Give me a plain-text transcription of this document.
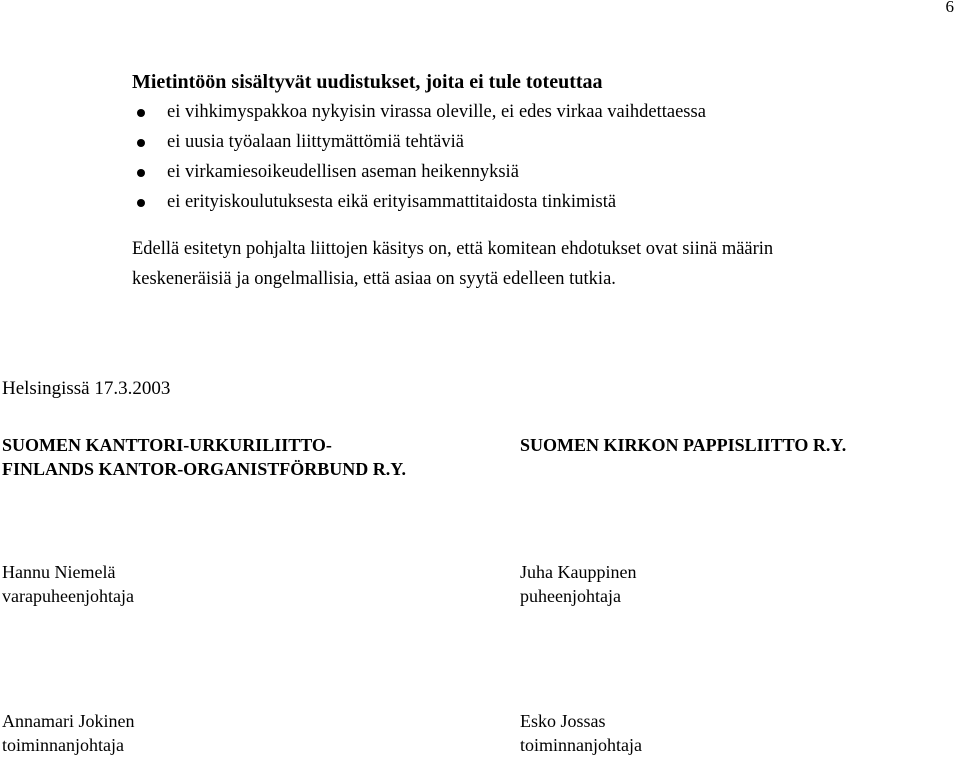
6

Mietintöön sisältyvät uudistukset, joita ei tule toteuttaa

ei vihkimyspakkoa nykyisin virassa oleville, ei edes virkaa vaihdettaessa
ei uusia työalaan liittymättömiä tehtäviä
ei virkamiesoikeudellisen aseman heikennyksiä
ei erityiskoulutuksesta eikä erityisammattitaidosta tinkimistä
Edellä esitetyn pohjalta liittojen käsitys on, että komitean ehdotukset ovat siinä määrin
keskeneräisiä ja ongelmallisia, että asiaa on syytä edelleen tutkia.
Helsingissä 17.3.2003
SUOMEN KANTTORI-URKURILIITTO-
FINLANDS KANTOR-ORGANISTFÖRBUND R.Y.
SUOMEN KIRKON PAPPISLIITTO R.Y.
Hannu Niemelä
varapuheenjohtaja
Juha Kauppinen
puheenjohtaja
Annamari Jokinen
toiminnanjohtaja
Esko Jossas
toiminnanjohtaja
